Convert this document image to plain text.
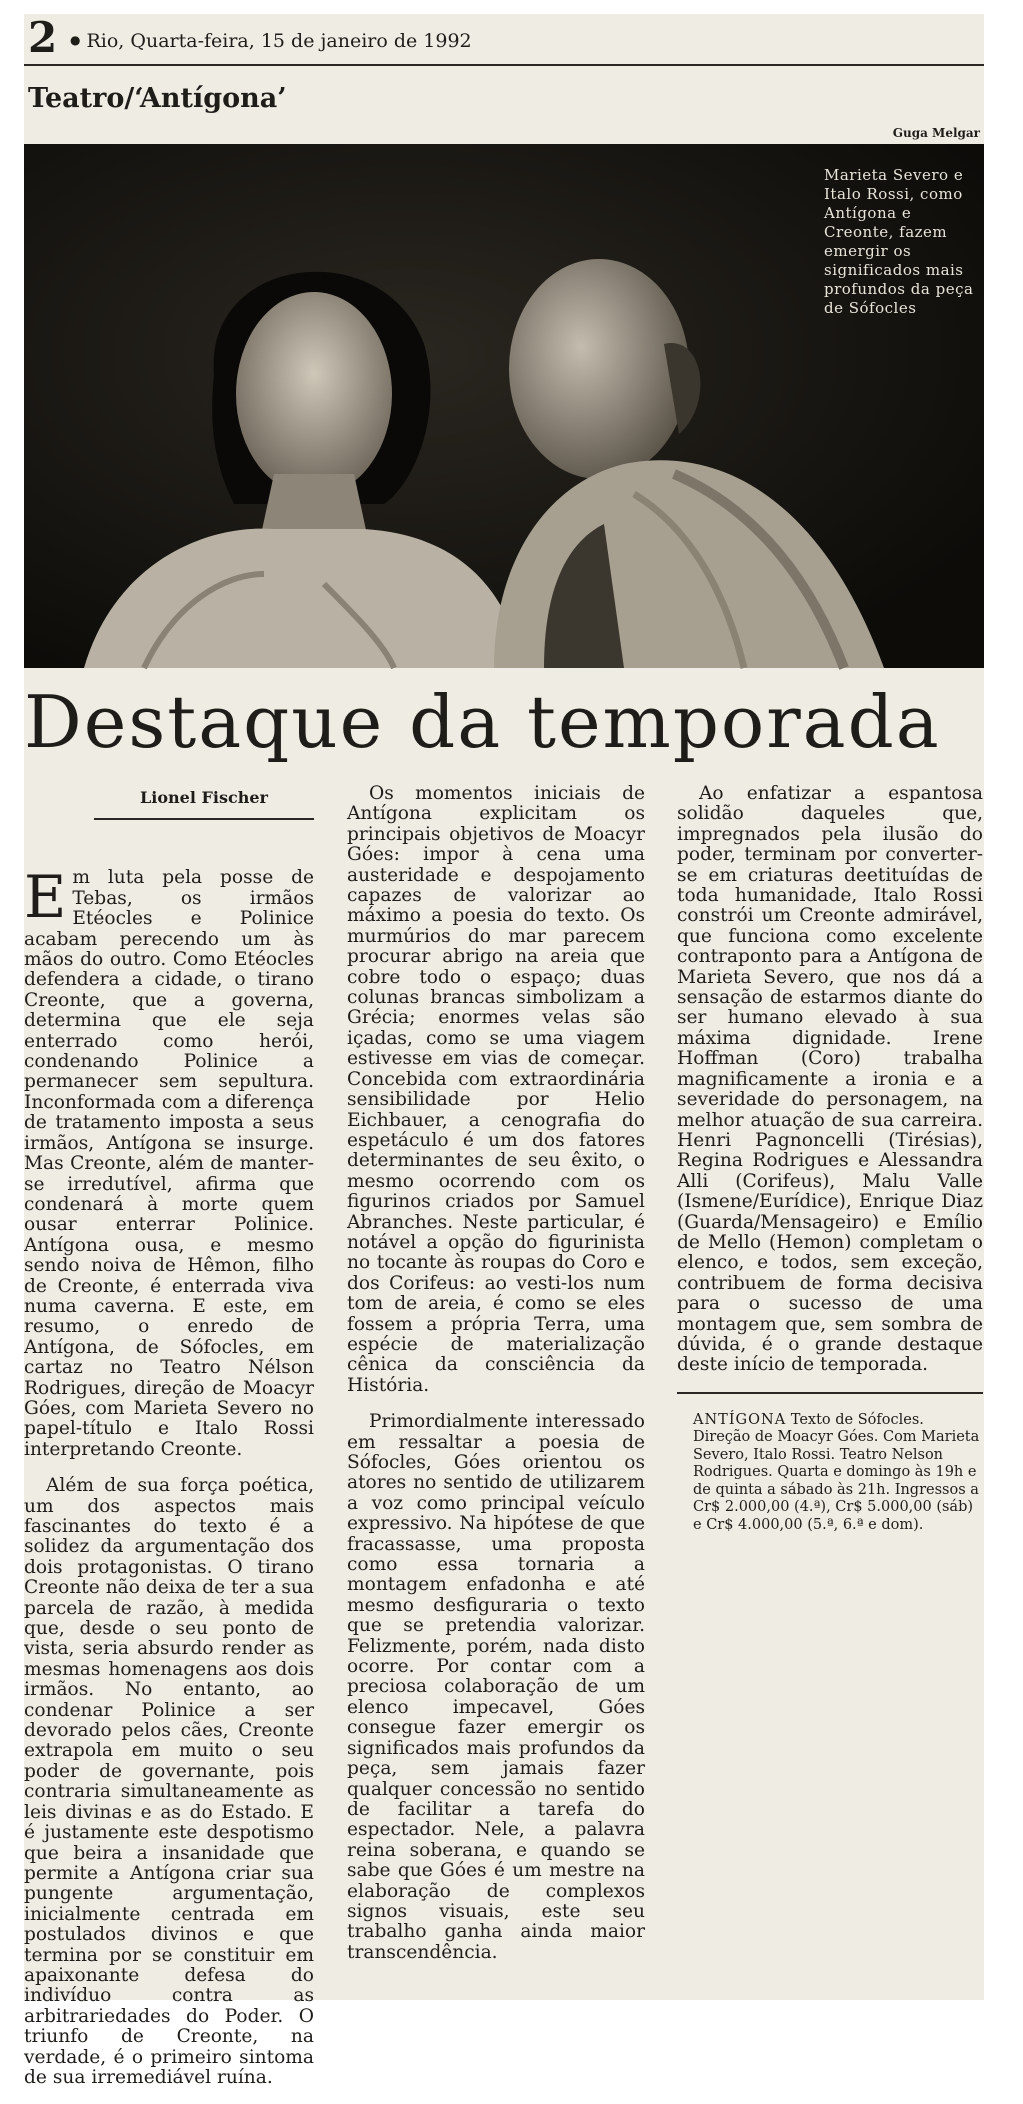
2
●	Rio, Quarta-feira, 15 de janeiro de 1992
Teatro/‘Antígona’
Guga Melgar
Marieta Severo e Italo Rossi, como Antígona e Creonte, fazem emergir os significados mais profundos da peça de Sófocles
Destaque da temporada
Lionel Fischer

Em luta pela posse de Tebas, os irmãos Etéocles e Polinice acabam perecendo um às mãos do outro. Como Etéocles defendera a cidade, o tirano Creonte, que a governa, determina que ele seja enterrado como herói, condenando Polinice a permanecer sem sepultura. Inconformada com a diferença de tratamento imposta a seus irmãos, Antígona se insurge. Mas Creonte, além de manter-se irredutível, afirma que condenará à morte quem ousar enterrar Polinice. Antígona ousa, e mesmo sendo noiva de Hêmon, filho de Creonte, é enterrada viva numa caverna. E este, em resumo, o enredo de Antígona, de Sófocles, em cartaz no Teatro Nélson Rodrigues, direção de Moacyr Góes, com Marieta Severo no papel-título e Italo Rossi interpretando Creonte.

Além de sua força poética, um dos aspectos mais fascinantes do texto é a solidez da argumentação dos dois protagonistas. O tirano Creonte não deixa de ter a sua parcela de razão, à medida que, desde o seu ponto de vista, seria absurdo render as mesmas homenagens aos dois irmãos. No entanto, ao condenar Polinice a ser devorado pelos cães, Creonte extrapola em muito o seu poder de governante, pois contraria simultaneamente as leis divinas e as do Estado. E é justamente este despotismo que beira a insanidade que permite a Antígona criar sua pungente argumentação, inicialmente centrada em postulados divinos e que termina por se constituir em apaixonante defesa do indivíduo contra as arbitrariedades do Poder. O triunfo de Creonte, na verdade, é o primeiro sintoma de sua irremediável ruína.

Os momentos iniciais de Antígona explicitam os principais objetivos de Moacyr Góes: impor à cena uma austeridade e despojamento capazes de valorizar ao máximo a poesia do texto. Os murmúrios do mar parecem procurar abrigo na areia que cobre todo o espaço; duas colunas brancas simbolizam a Grécia; enormes velas são içadas, como se uma viagem estivesse em vias de começar. Concebida com extraordinária sensibilidade por Helio Eichbauer, a cenografia do espetáculo é um dos fatores determinantes de seu êxito, o mesmo ocorrendo com os figurinos criados por Samuel Abranches. Neste particular, é notável a opção do figurinista no tocante às roupas do Coro e dos Corifeus: ao vesti-los num tom de areia, é como se eles fossem a própria Terra, uma espécie de materialização cênica da consciência da História.

Primordialmente interessado em ressaltar a poesia de Sófocles, Góes orientou os atores no sentido de utilizarem a voz como principal veículo expressivo. Na hipótese de que fracassasse, uma proposta como essa tornaria a montagem enfadonha e até mesmo desfiguraria o texto que se pretendia valorizar. Felizmente, porém, nada disto ocorre. Por contar com a preciosa colaboração de um elenco impecavel, Góes consegue fazer emergir os significados mais profundos da peça, sem jamais fazer qualquer concessão no sentido de facilitar a tarefa do espectador. Nele, a palavra reina soberana, e quando se sabe que Góes é um mestre na elaboração de complexos signos visuais, este seu trabalho ganha ainda maior transcendência.

Ao enfatizar a espantosa solidão daqueles que, impregnados pela ilusão do poder, terminam por converter-se em criaturas deetituídas de toda humanidade, Italo Rossi constrói um Creonte admirável, que funciona como excelente contraponto para a Antígona de Marieta Severo, que nos dá a sensação de estarmos diante do ser humano elevado à sua máxima dignidade. Irene Hoffman (Coro) trabalha magnificamente a ironia e a severidade do personagem, na melhor atuação de sua carreira. Henri Pagnoncelli (Tirésias), Regina Rodrigues e Alessandra Alli (Corifeus), Malu Valle (Ismene/Eurídice), Enrique Diaz (Guarda/Mensageiro) e Emílio de Mello (Hemon) completam o elenco, e todos, sem exceção, contribuem de forma decisiva para o sucesso de uma montagem que, sem sombra de dúvida, é o grande destaque deste início de temporada.

ANTÍGONA Texto de Sófocles. Direção de Moacyr Góes. Com Marieta Severo, Italo Rossi. Teatro Nelson Rodrigues. Quarta e domingo às 19h e de quinta a sábado às 21h. Ingressos a Cr$ 2.000,00 (4.ª), Cr$ 5.000,00 (sáb) e Cr$ 4.000,00 (5.ª, 6.ª e dom).
